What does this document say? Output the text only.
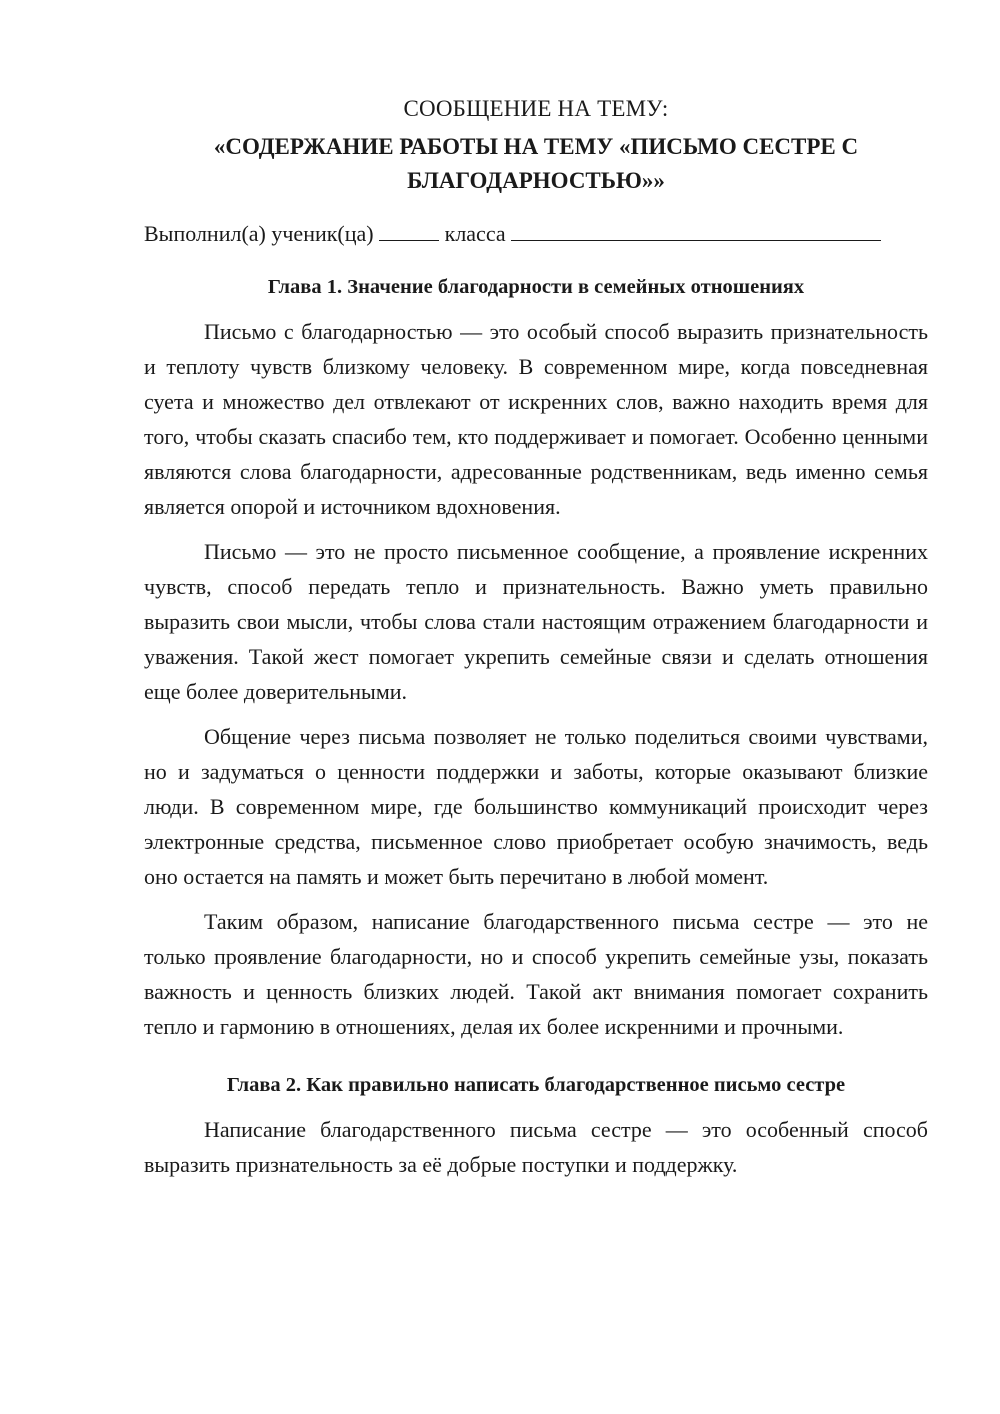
СООБЩЕНИЕ НА ТЕМУ:

«СОДЕРЖАНИЕ РАБОТЫ НА ТЕМУ «ПИСЬМО СЕСТРЕ С БЛАГОДАРНОСТЬЮ»»

Выполнил(а) ученик(ца)	класса

Глава 1. Значение благодарности в семейных отношениях

Письмо с благодарностью — это особый способ выразить признательность и теплоту чувств близкому человеку. В современном мире, когда повседневная суета и множество дел отвлекают от искренних слов, важно находить время для того, чтобы сказать спасибо тем, кто поддерживает и помогает. Особенно ценными являются слова благодарности, адресованные родственникам, ведь именно семья является опорой и источником вдохновения.

Письмо — это не просто письменное сообщение, а проявление искренних чувств, способ передать тепло и признательность. Важно уметь правильно выразить свои мысли, чтобы слова стали настоящим отражением благодарности и уважения. Такой жест помогает укрепить семейные связи и сделать отношения еще более доверительными.

Общение через письма позволяет не только поделиться своими чувствами, но и задуматься о ценности поддержки и заботы, которые оказывают близкие люди. В современном мире, где большинство коммуникаций происходит через электронные средства, письменное слово приобретает особую значимость, ведь оно остается на память и может быть перечитано в любой момент.

Таким образом, написание благодарственного письма сестре — это не только проявление благодарности, но и способ укрепить семейные узы, показать важность и ценность близких людей. Такой акт внимания помогает сохранить тепло и гармонию в отношениях, делая их более искренними и прочными.

Глава 2. Как правильно написать благодарственное письмо сестре

Написание благодарственного письма сестре — это особенный способ выразить признательность за её добрые поступки и поддержку.
